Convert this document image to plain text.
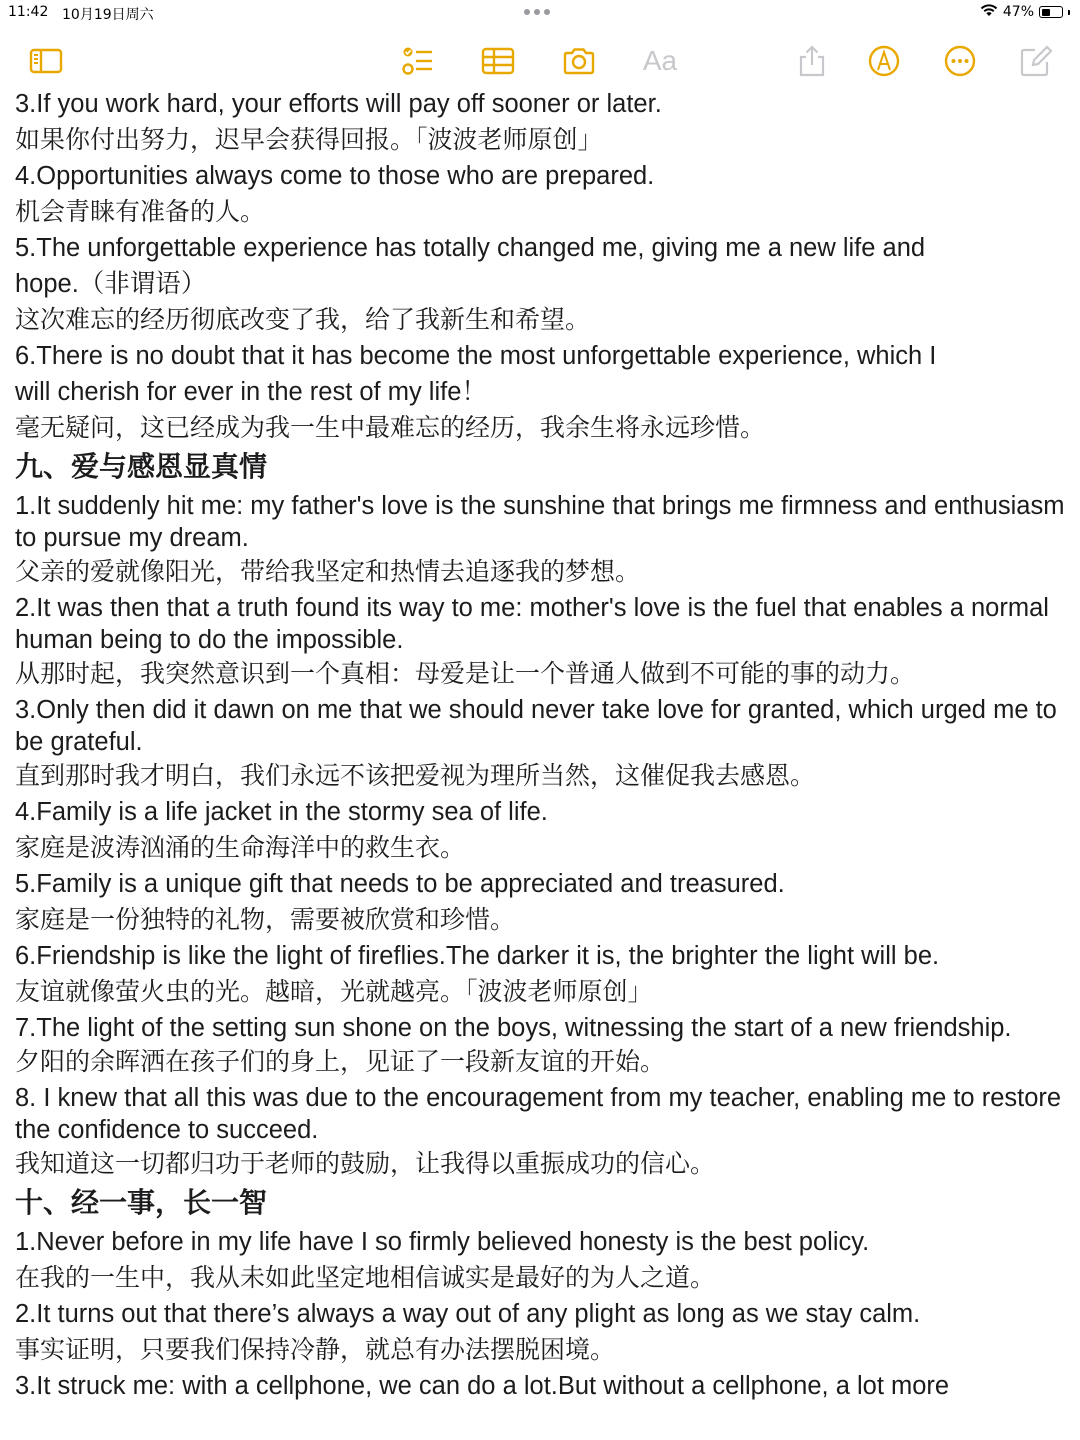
11:42 10月19日周六	47%
Aa
3.If you work hard, your efforts will pay off sooner or later.
如果你付出努力，迟早会获得回报。「波波老师原创」
4.Opportunities always come to those who are prepared.
机会青睐有准备的人。
5.The unforgettable experience has totally changed me, giving me a new life and
hope.（非谓语）
这次难忘的经历彻底改变了我，给了我新生和希望。
6.There is no doubt that it has become the most unforgettable experience, which I
will cherish for ever in the rest of my life！
毫无疑问，这已经成为我一生中最难忘的经历，我余生将永远珍惜。
九、爱与感恩显真情
1.It suddenly hit me: my father's love is the sunshine that brings me firmness and enthusiasm to pursue my dream.
父亲的爱就像阳光，带给我坚定和热情去追逐我的梦想。
2.It was then that a truth found its way to me: mother's love is the fuel that enables a normal human being to do the impossible.
从那时起，我突然意识到一个真相：母爱是让一个普通人做到不可能的事的动力。
3.Only then did it dawn on me that we should never take love for granted, which urged me to be grateful.
直到那时我才明白，我们永远不该把爱视为理所当然，这催促我去感恩。
4.Family is a life jacket in the stormy sea of life.
家庭是波涛汹涌的生命海洋中的救生衣。
5.Family is a unique gift that needs to be appreciated and treasured.
家庭是一份独特的礼物，需要被欣赏和珍惜。
6.Friendship is like the light of fireflies.The darker it is, the brighter the light will be.
友谊就像萤火虫的光。越暗，光就越亮。「波波老师原创」
7.The light of the setting sun shone on the boys, witnessing the start of a new friendship.
夕阳的余晖洒在孩子们的身上，见证了一段新友谊的开始。
8. I knew that all this was due to the encouragement from my teacher, enabling me to restore the confidence to succeed.
我知道这一切都归功于老师的鼓励，让我得以重振成功的信心。
十、经一事，长一智
1.Never before in my life have I so firmly believed honesty is the best policy.
在我的一生中，我从未如此坚定地相信诚实是最好的为人之道。
2.It turns out that there’s always a way out of any plight as long as we stay calm.
事实证明，只要我们保持冷静，就总有办法摆脱困境。
3.It struck me: with a cellphone, we can do a lot.But without a cellphone, a lot more
